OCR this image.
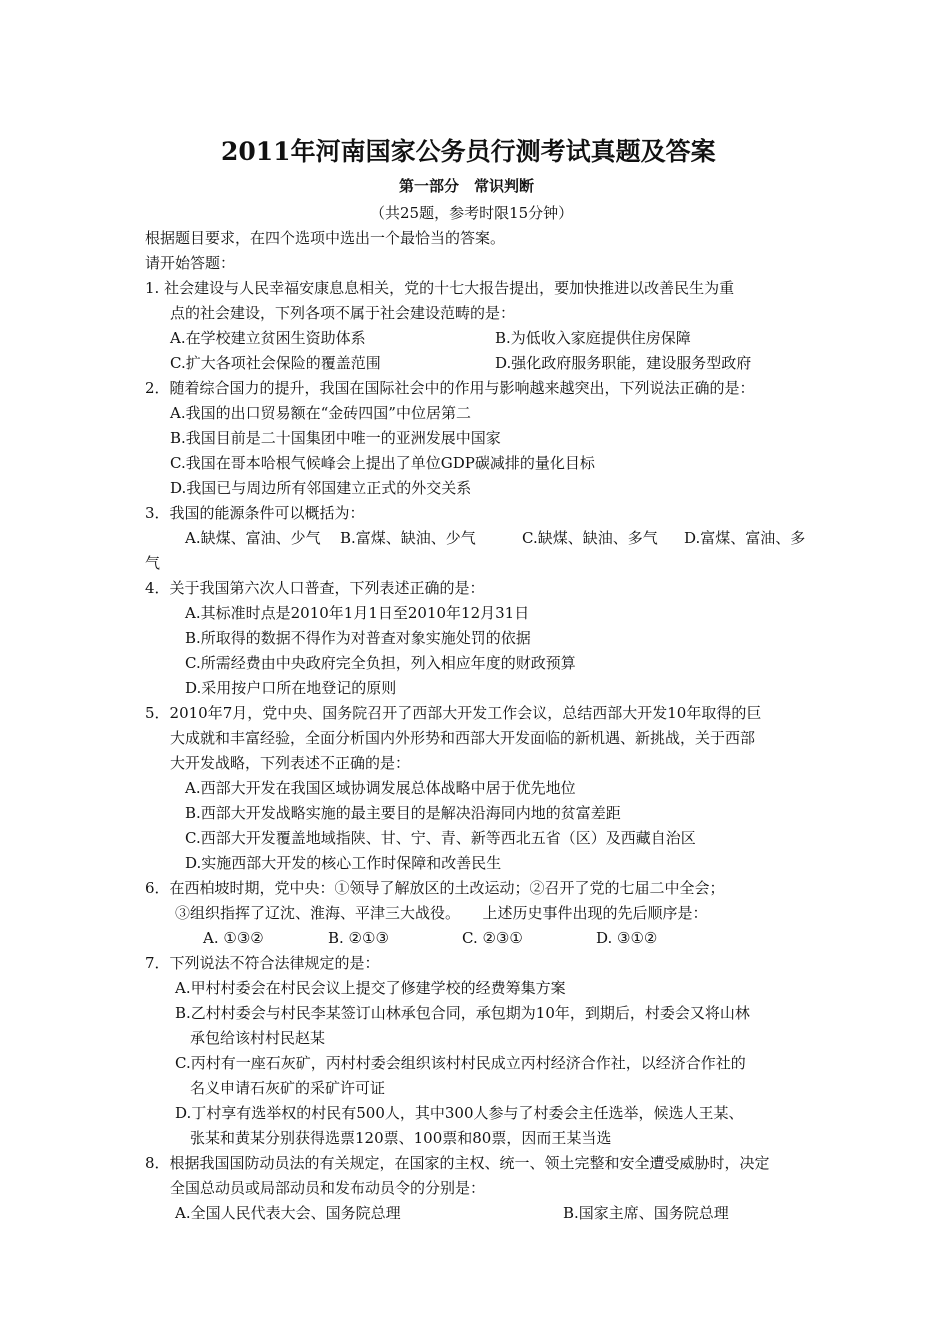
2011年河南国家公务员行测考试真题及答案
第一部分　常识判断
（共25题，参考时限15分钟）
根据题目要求，在四个选项中选出一个最恰当的答案。
请开始答题：
1. 社会建设与人民幸福安康息息相关，党的十七大报告提出，要加快推进以改善民生为重
点的社会建设，下列各项不属于社会建设范畴的是：
A.在学校建立贫困生资助体系	B.为低收入家庭提供住房保障
C.扩大各项社会保险的覆盖范围	D.强化政府服务职能，建设服务型政府
2．随着综合国力的提升，我国在国际社会中的作用与影响越来越突出，下列说法正确的是：
A.我国的出口贸易额在“金砖四国”中位居第二
B.我国目前是二十国集团中唯一的亚洲发展中国家
C.我国在哥本哈根气候峰会上提出了单位GDP碳减排的量化目标
D.我国已与周边所有邻国建立正式的外交关系
3．我国的能源条件可以概括为：
A.缺煤、富油、少气 B.富煤、缺油、少气	C.缺煤、缺油、多气 D.富煤、富油、多
气
4．关于我国第六次人口普查，下列表述正确的是：
A.其标准时点是2010年1月1日至2010年12月31日
B.所取得的数据不得作为对普查对象实施处罚的依据
C.所需经费由中央政府完全负担，列入相应年度的财政预算
D.采用按户口所在地登记的原则
5．2010年7月，党中央、国务院召开了西部大开发工作会议，总结西部大开发10年取得的巨
大成就和丰富经验，全面分析国内外形势和西部大开发面临的新机遇、新挑战，关于西部
大开发战略，下列表述不正确的是：
A.西部大开发在我国区域协调发展总体战略中居于优先地位
B.西部大开发战略实施的最主要目的是解决沿海同内地的贫富差距
C.西部大开发覆盖地域指陕、甘、宁、青、新等西北五省（区）及西藏自治区
D.实施西部大开发的核心工作时保障和改善民生
6．在西柏坡时期，党中央：①领导了解放区的土改运动；②召开了党的七届二中全会；
③组织指挥了辽沈、淮海、平津三大战役。　　上述历史事件出现的先后顺序是：
A. ①③②	B. ②①③	C. ②③①	D. ③①②
7．下列说法不符合法律规定的是：
A.甲村村委会在村民会议上提交了修建学校的经费筹集方案
B.乙村村委会与村民李某签订山林承包合同，承包期为10年，到期后，村委会又将山林
承包给该村村民赵某
C.丙村有一座石灰矿，丙村村委会组织该村村民成立丙村经济合作社，以经济合作社的
名义申请石灰矿的采矿许可证
D.丁村享有选举权的村民有500人，其中300人参与了村委会主任选举，候选人王某、
张某和黄某分别获得选票120票、100票和80票，因而王某当选
8．根据我国国防动员法的有关规定，在国家的主权、统一、领土完整和安全遭受威胁时，决定
全国总动员或局部动员和发布动员令的分别是：
A.全国人民代表大会、国务院总理	B.国家主席、国务院总理
